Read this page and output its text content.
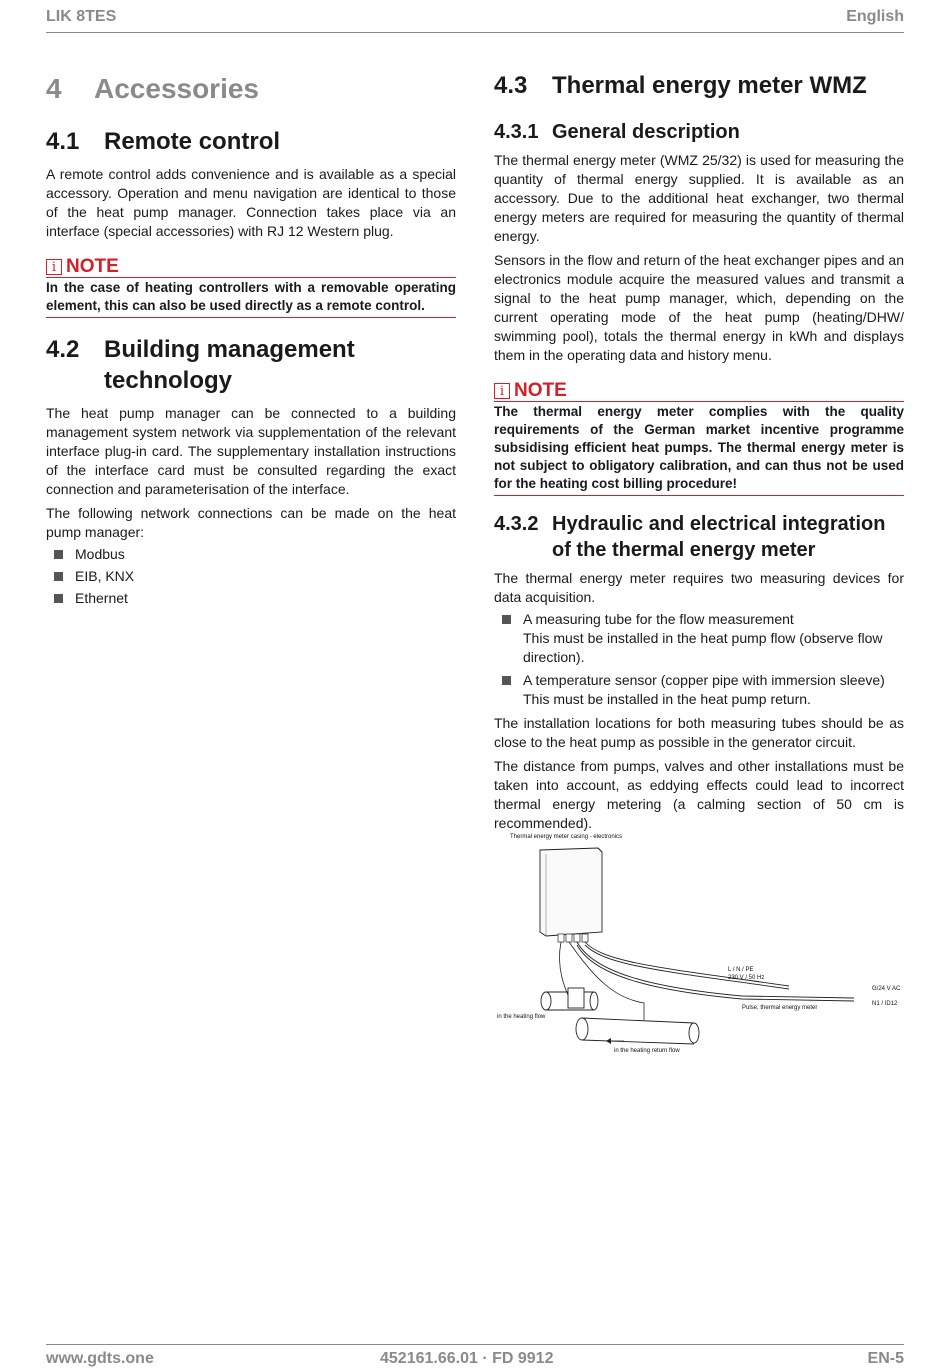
LIK 8TES	English
4	Accessories
4.1	Remote control

A remote control adds convenience and is available as a special accessory. Operation and menu navigation are identical to those of the heat pump manager. Connection takes place via an interface (special accessories) with RJ 12 Western plug.

i NOTE
In the case of heating controllers with a removable operating element, this can also be used directly as a remote control.
4.2	Building management technology

The heat pump manager can be connected to a building management system network via supplementation of the relevant interface plug-in card. The supplementary installation instructions of the interface card must be consulted regarding the exact connection and parameterisation of the interface.

The following network connections can be made on the heat pump manager:

Modbus
EIB, KNX
Ethernet
4.3	Thermal energy meter WMZ
4.3.1 General description

The thermal energy meter (WMZ 25/32) is used for measuring the quantity of thermal energy supplied. It is available as an accessory. Due to the additional heat exchanger, two thermal energy meters are required for measuring the quantity of thermal energy.

Sensors in the flow and return of the heat exchanger pipes and an electronics module acquire the measured values and transmit a signal to the heat pump manager, which, depending on the current operating mode of the heat pump (heating/DHW/ swimming pool), totals the thermal energy in kWh and displays them in the operating data and history menu.

i NOTE
The thermal energy meter complies with the quality requirements of the German market incentive programme subsidising efficient heat pumps. The thermal energy meter is not subject to obligatory calibration, and can thus not be used for the heating cost billing procedure!
4.3.2 Hydraulic and electrical integration of the thermal energy meter

The thermal energy meter requires two measuring devices for data acquisition.

A measuring tube for the flow measurement
This must be installed in the heat pump flow (observe flow direction).
A temperature sensor (copper pipe with immersion sleeve)
This must be installed in the heat pump return.

The installation locations for both measuring tubes should be as close to the heat pump as possible in the generator circuit.

The distance from pumps, valves and other installations must be taken into account, as eddying effects could lead to incorrect thermal energy metering (a calming section of 50 cm is recommended).

Thermal energy meter casing - electronics
in the heating flow
in the heating return flow
L / N / PE
230 V / 50 Hz
G/24 V AC
N1 / ID12
Pulse, thermal energy meter
www.gdts.one	452161.66.01 · FD 9912	EN-5
